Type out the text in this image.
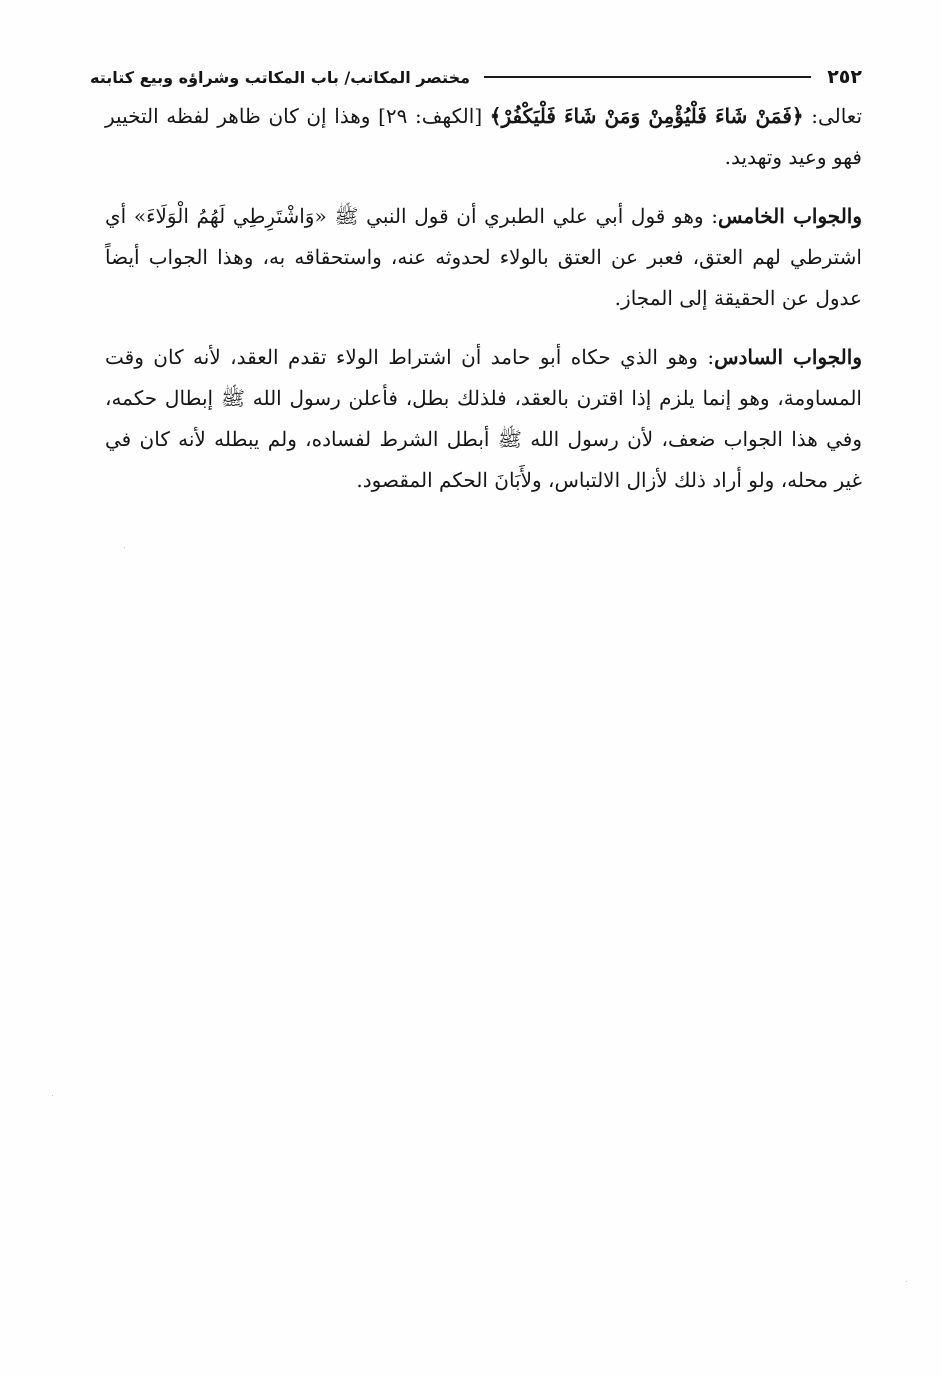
٢٥٢
مختصر المكاتب/ باب المكاتب وشراؤه وبيع كتابته

تعالى: ﴿فَمَنْ شَاءَ فَلْيُؤْمِنْ وَمَنْ شَاءَ فَلْيَكْفُرْ﴾ [الكهف: ٢٩] وهذا إن كان ظاهر لفظه التخيير فهو وعيد وتهديد.

والجواب الخامس: وهو قول أبي علي الطبري أن قول النبي ﷺ «وَاشْتَرِطِي لَهُمُ الْوَلَاءَ» أي اشترطي لهم العتق، فعبر عن العتق بالولاء لحدوثه عنه، واستحقاقه به، وهذا الجواب أيضاً عدول عن الحقيقة إلى المجاز.

والجواب السادس: وهو الذي حكاه أبو حامد أن اشتراط الولاء تقدم العقد، لأنه كان وقت المساومة، وهو إنما يلزم إذا اقترن بالعقد، فلذلك بطل، فأعلن رسول الله ﷺ إبطال حكمه، وفي هذا الجواب ضعف، لأن رسول الله ﷺ أبطل الشرط لفساده، ولم يبطله لأنه كان في غير محله، ولو أراد ذلك لأزال الالتباس، ولأَبَانَ الحكم المقصود.
